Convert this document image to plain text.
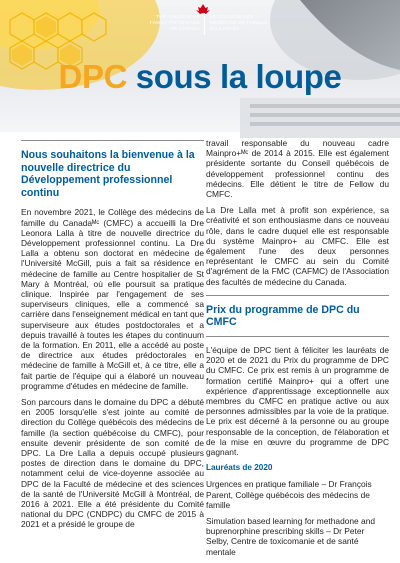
THE COLLEGE OF
FAMILY PHYSICIANS
OF CANADA
LE COLLÈGE DES
MÉDECINS DE FAMILLE
DU CANADA
DPC sous la loupe
Nous souhaitons la bienvenue à la nouvelle directrice du Développement professionnel continu

En novembre 2021, le Collège des médecins de famille du Canadaᴹᶜ (CMFC) a accueilli la Dre Leonora Lalla à titre de nouvelle directrice du Développement professionnel continu. La Dre Lalla a obtenu son doctorat en médecine de l'Université McGill, puis a fait sa résidence en médecine de famille au Centre hospitalier de St Mary à Montréal, où elle poursuit sa pratique clinique. Inspirée par l'engagement de ses superviseurs cliniques, elle a commencé sa carrière dans l'enseignement médical en tant que superviseure aux études postdoctorales et a depuis travaillé à toutes les étapes du continuum de la formation. En 2011, elle a accédé au poste de directrice aux études prédoctorales en médecine de famille à McGill et, à ce titre, elle a fait partie de l'équipe qui a élaboré un nouveau programme d'études en médecine de famille.

Son parcours dans le domaine du DPC a débuté en 2005 lorsqu'elle s'est jointe au comité de direction du Collège québécois des médecins de famille (la section québécoise du CMFC), pour ensuite devenir présidente de son comité de DPC. La Dre Lalla a depuis occupé plusieurs postes de direction dans le domaine du DPC, notamment celui de vice-doyenne associée au DPC de la Faculté de médecine et des sciences de la santé de l'Université McGill à Montréal, de 2016 à 2021. Elle a été présidente du Comité national du DPC (CNDPC) du CMFC de 2015 à 2021 et a présidé le groupe de

travail responsable du nouveau cadre Mainpro+ᴹᶜ de 2014 à 2015. Elle est également présidente sortante du Conseil québécois de développement professionnel continu des médecins. Elle détient le titre de Fellow du CMFC.

La Dre Lalla met à profit son expérience, sa créativité et son enthousiasme dans ce nouveau rôle, dans le cadre duquel elle est responsable du système Mainpro+ au CMFC. Elle est également l'une des deux personnes représentant le CMFC au sein du Comité d'agrément de la FMC (CAFMC) de l'Association des facultés de médecine du Canada.

Prix du programme de DPC du CMFC

L'équipe de DPC tient à féliciter les lauréats de 2020 et de 2021 du Prix du programme de DPC du CMFC. Ce prix est remis à un programme de formation certifié Mainpro+ qui a offert une expérience d'apprentissage exceptionnelle aux membres du CMFC en pratique active ou aux personnes admissibles par la voie de la pratique. Le prix est décerné à la personne ou au groupe responsable de la conception, de l'élaboration et de la mise en œuvre du programme de DPC gagnant.

Lauréats de 2020

Urgences en pratique familiale – Dr François Parent, Collège québécois des médecins de famille

Simulation based learning for methadone and buprenorphine prescribing skills – Dr Peter Selby, Centre de toxicomanie et de santé mentale
